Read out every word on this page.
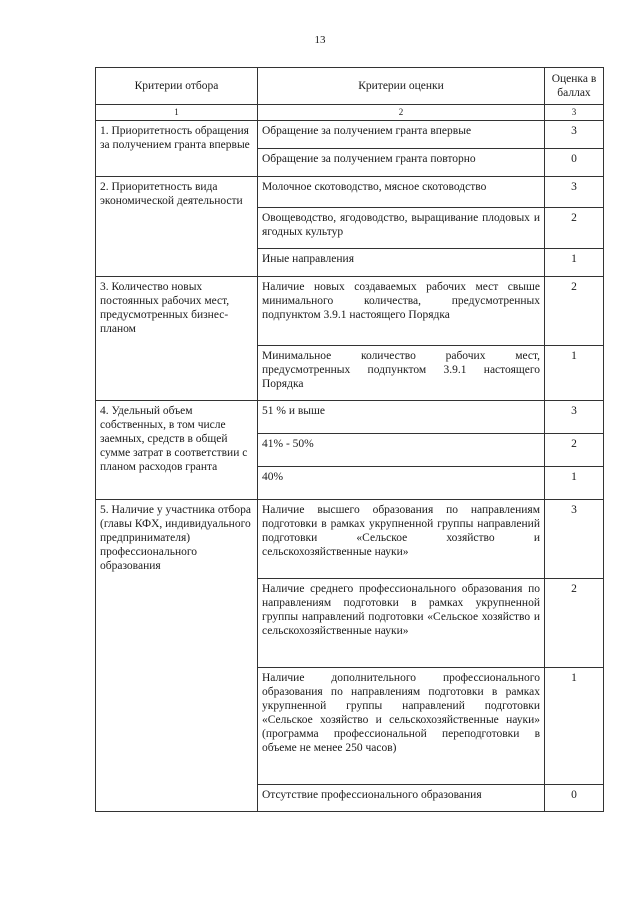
13
Критерии отбора	Критерии оценки	Оценка в баллах
1	2	3
1. Приоритетность обращения за получением гранта впервые	Обращение за получением гранта впервые	3
	Обращение за получением гранта повторно	0
2. Приоритетность вида экономической деятельности	Молочное скотоводство, мясное скотоводство	3
	Овощеводство, ягодоводство, выращивание плодовых и ягодных культур	2
	Иные направления	1
3. Количество новых постоянных рабочих мест, предусмотренных бизнес-планом	Наличие новых создаваемых рабочих мест свыше минимального количества, предусмотренных подпунктом 3.9.1 настоящего Порядка	2
	Минимальное количество рабочих мест, предусмотренных подпунктом 3.9.1 настоящего Порядка	1
4. Удельный объем собственных, в том числе заемных, средств в общей сумме затрат в соответствии с планом расходов гранта	51 % и выше	3
	41% - 50%	2
	40%	1
5. Наличие у участника отбора (главы КФХ, индивидуального предпринимателя) профессионального образования	Наличие высшего образования по направлениям подготовки в рамках укрупненной группы направлений подготовки «Сельское хозяйство и сельскохозяйственные науки»	3
	Наличие среднего профессионального образования по направлениям подготовки в рамках укрупненной группы направлений подготовки «Сельское хозяйство и сельскохозяйственные науки»	2
	Наличие дополнительного профессионального образования по направлениям подготовки в рамках укрупненной группы направлений подготовки «Сельское хозяйство и сельскохозяйственные науки» (программа профессиональной переподготовки в объеме не менее 250 часов)	1
	Отсутствие профессионального образования	0
